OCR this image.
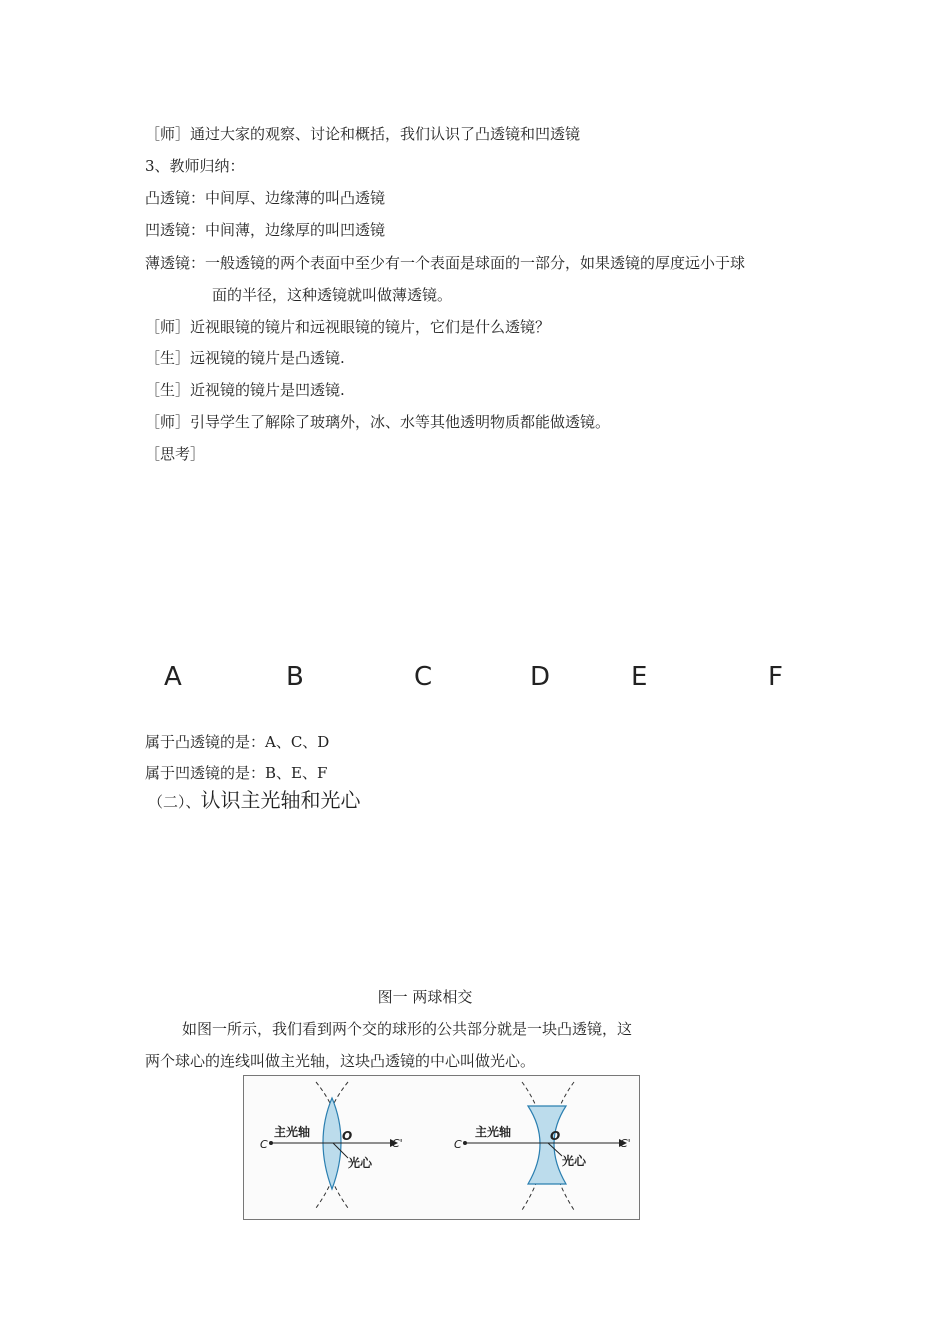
［师］通过大家的观察、讨论和概括，我们认识了凸透镜和凹透镜
3、教师归纳：
凸透镜：中间厚、边缘薄的叫凸透镜
凹透镜：中间薄，边缘厚的叫凹透镜
薄透镜：一般透镜的两个表面中至少有一个表面是球面的一部分，如果透镜的厚度远小于球
面的半径，这种透镜就叫做薄透镜。
［师］近视眼镜的镜片和远视眼镜的镜片，它们是什么透镜？
［生］远视镜的镜片是凸透镜.
［生］近视镜的镜片是凹透镜.
［师］引导学生了解除了玻璃外，冰、水等其他透明物质都能做透镜。
［思考］
A	B	C	D	E	F
属于凸透镜的是：A、C、D
属于凹透镜的是：B、E、F
（二）、认识主光轴和光心
图一 两球相交
如图一所示，我们看到两个交的球形的公共部分就是一块凸透镜，这
两个球心的连线叫做主光轴，这块凸透镜的中心叫做光心。
C
主光轴	O
C'
光心
C
主光轴	O
C'
光心
